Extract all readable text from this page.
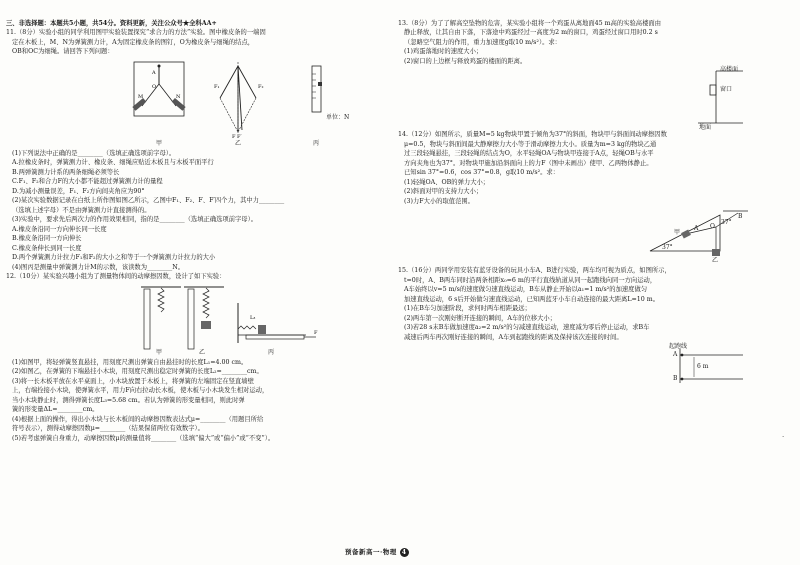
三、非选择题：本题共5小题，共54分。资料更新，关注公众号★全科AA+

11.（8分）实验小组的同学利用图甲实验装置探究“求合力的方法”实验。图中橡皮条的一端固

定在木板上，M、N为弹簧测力计，A为固定橡皮条的图钉，O为橡皮条与细绳的结点，

OB和OC为细绳。请回答下列问题：

A
O
M	N
F₁	F₂
F F′
甲	乙	丙
单位：N

(1)下列说法中正确的是________（选填正确选项前字母）。

A.拉橡皮条时，弹簧测力计、橡皮条、细绳应贴近木板且与木板平面平行

B.两弹簧测力计系的两条细绳必须等长

C.F₁、F₂和合力F的大小都不能超过弹簧测力计的量程

D.为减小测量误差，F₁、F₂方向间夹角应为90°

(2)某次实验数据记录在白纸上所作图如图乙所示，乙图中F₁、F₂、F、F′四个力，其中力________

（选填上述字母）不是由弹簧测力计直接测得的。

(3)实验中，要求先后两次力的作用效果相同，指的是________（选填正确选项前字母）。

A.橡皮条沿同一方向伸长同一长度

B.橡皮条沿同一方向伸长

C.橡皮条伸长到同一长度

D.两个弹簧测力计拉力F₁和F₂的大小之和等于一个弹簧测力计拉力的大小

(4)图丙是测量中弹簧测力计M的示数，该读数为________N。

12.（10分）某实验兴趣小组为了测量物体间的动摩擦因数，设计了如下实验：

F
L₃
甲	乙	丙

(1)如图甲，将轻弹簧竖直悬挂，用刻度尺测出弹簧自由悬挂时的长度L₁=4.00 cm。

(2)如图乙，在弹簧的下端悬挂小木块，用刻度尺测出稳定时弹簧的长度L₂=________cm。

(3)将一长木板平放在水平桌面上，小木块放置于木板上，将弹簧的左端固定在竖直墙壁

上，右端拴接小木块，使弹簧水平，用力F向右拉动长木板，使木板与小木块发生相对运动，

当小木块静止时，测得弹簧长度L₃=5.68 cm。若认为弹簧的形变量相同，则此时弹

簧的形变量ΔL=________cm。

(4)根据上面的操作，得出小木块与长木板间的动摩擦因数表达式μ=________（用题目所给

符号表示），测得动摩擦因数μ=________（结果保留两位有效数字）。

(5)若考虑弹簧自身重力，动摩擦因数μ的测量值将________（选填“偏大”或“偏小”或“不变”）。

13.（8分）为了了解高空坠物的危害，某实验小组将一个鸡蛋从离地面45 m高的实验高楼面由

静止释放，让其自由下落，下落途中鸡蛋经过一高度为2 m的窗口，鸡蛋经过窗口用时0.2 s

（忽略空气阻力的作用，重力加速度g取10 m/s²）。求：

(1)鸡蛋落地时的速度大小；

(2)窗口的上边框与释放鸡蛋的楼面的距离。

高楼面
窗口
地面

14.（12分）如图所示，质量M=5 kg物块甲置于倾角为37°的斜面，物块甲与斜面间动摩擦因数

μ=0.5，物块与斜面间最大静摩擦力大小等于滑动摩擦力大小。质量为m=3 kg的物块乙通

过三段轻绳悬挂，三段轻绳的结点为O，水平轻绳OA与物块甲连接于A点，轻绳OB与水平

方向夹角也为37°。对物块甲施加沿斜面向上的力F（图中未画出）使甲、乙两物体静止。

已知sin 37°=0.6，cos 37°=0.8，g取10 m/s²。求：

(1)轻绳OA、OB的弹力大小；

(2)斜面对甲的支持力大小；

(3)力F大小的取值范围。

甲
37°
A O
37°
B
乙

15.（16分）两同学用安装有蓝牙设备的玩具小车A、B进行实验，两车均可视为质点，如图所示，

t=0时，A、B两车同时沿两条相距x₀=6 m的平行直线轨道从同一起跑线向同一方向运动，

A车始终以v=5 m/s的速度做匀速直线运动，B车从静止开始以a₁=1 m/s²的加速度做匀

加速直线运动，6 s后开始做匀速直线运动，已知两蓝牙小车自动连接的最大距离L=10 m。

(1)在B车匀加速阶段，求何时两车相距最远；

(2)两车第一次刚好断开连接的瞬间，A车的位移大小；

(3)若28 s末B车做加速度a₂=2 m/s²的匀减速直线运动，速度减为零后停止运动，求B车

减速后两车再次刚好连接的瞬间，A车到起跑线的距离及保持该次连接的时间。

起跑线
A
B
6 m
·
预备新高一·物理 4
